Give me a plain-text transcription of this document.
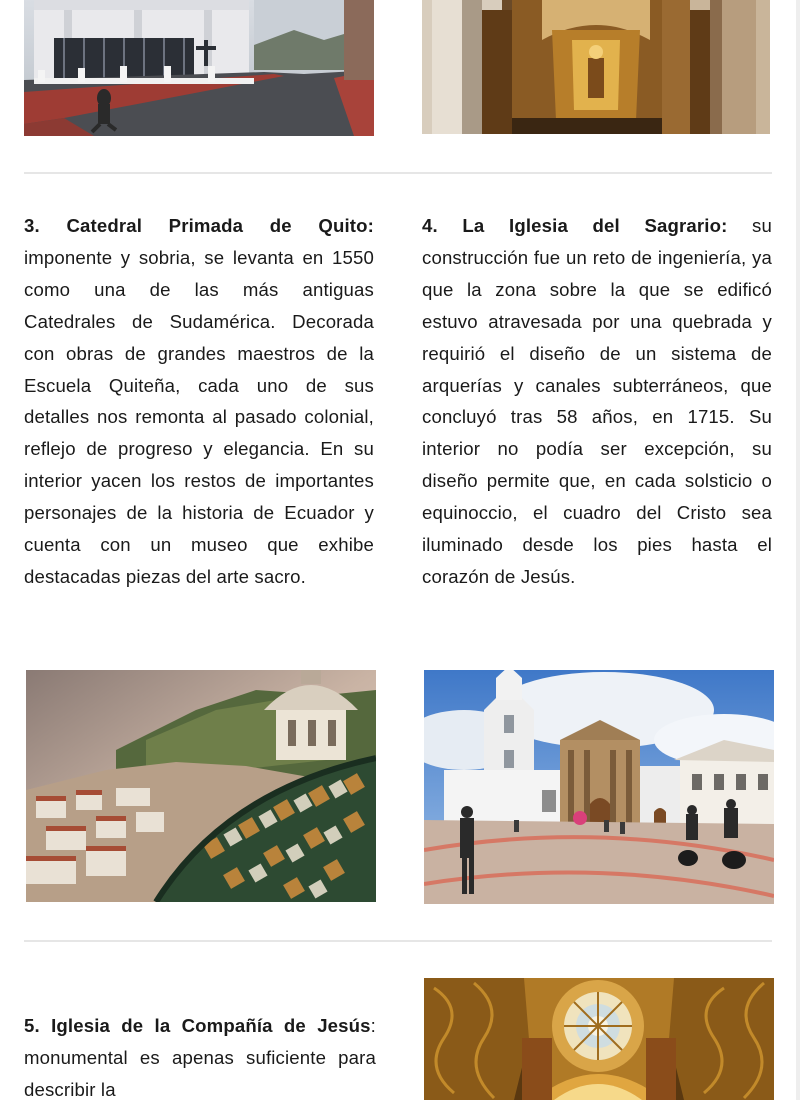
3. Catedral Primada de Quito: imponente y sobria, se levanta en 1550 como una de las más antiguas Catedrales de Sudamérica. Decorada con obras de grandes maestros de la Escuela Quiteña, cada uno de sus detalles nos remonta al pasado colonial, reflejo de progreso y elegancia. En su interior yacen los restos de importantes personajes de la historia de Ecuador y cuenta con un museo que exhibe destacadas piezas del arte sacro.

4. La Iglesia del Sagrario: su construcción fue un reto de ingeniería, ya que la zona sobre la que se edificó estuvo atravesada por una quebrada y requirió el diseño de un sistema de arquerías y canales subterráneos, que concluyó tras 58 años, en 1715. Su interior no podía ser excepción, su diseño permite que, en cada solsticio o equinoccio, el cuadro del Cristo sea iluminado desde los pies hasta el corazón de Jesús.

5. Iglesia de la Compañía de Jesús: monumental es apenas suficiente para describir la
